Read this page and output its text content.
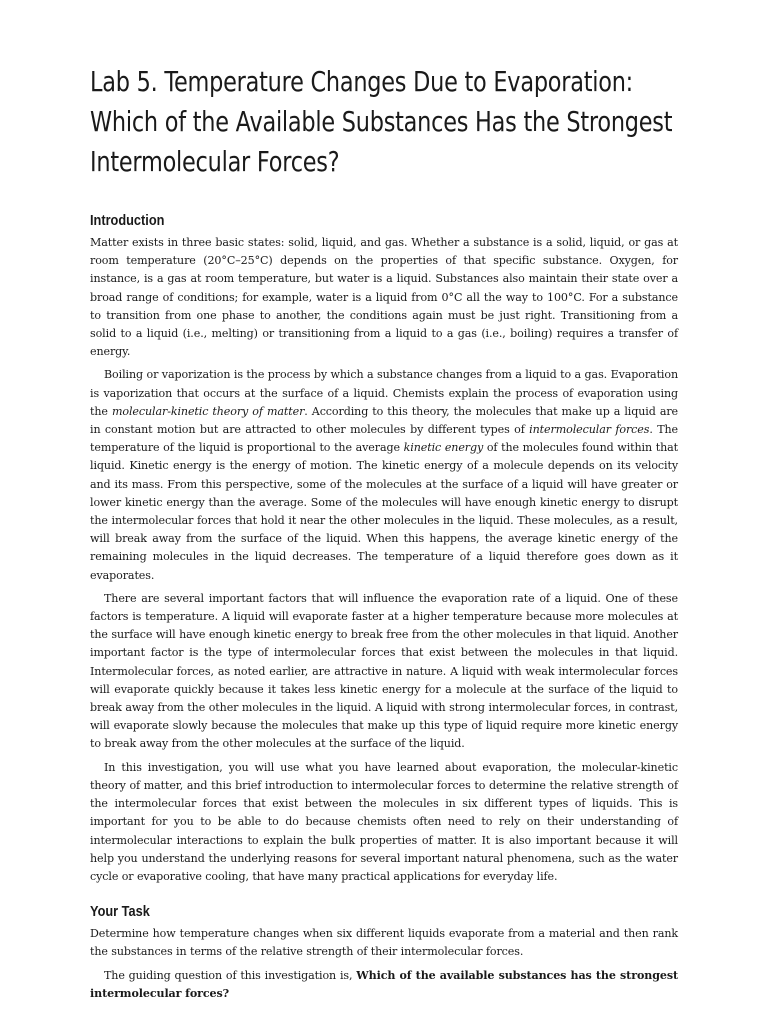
Lab 5. Temperature Changes Due to Evaporation: Which of the Available Substances Has the Strongest Intermolecular Forces?
Introduction

Matter exists in three basic states: solid, liquid, and gas. Whether a substance is a solid, liquid, or gas at room temperature (20°C–25°C) depends on the properties of that specific substance. Oxygen, for instance, is a gas at room temperature, but water is a liquid. Substances also maintain their state over a broad range of conditions; for example, water is a liquid from 0°C all the way to 100°C. For a substance to transition from one phase to another, the conditions again must be just right. Transitioning from a solid to a liquid (i.e., melting) or transitioning from a liquid to a gas (i.e., boiling) requires a transfer of energy.

Boiling or vaporization is the process by which a substance changes from a liquid to a gas. Evaporation is vaporization that occurs at the surface of a liquid. Chemists explain the process of evaporation using the molecular-kinetic theory of matter. According to this theory, the molecules that make up a liquid are in constant motion but are attracted to other molecules by different types of intermolecular forces. The temperature of the liquid is proportional to the average kinetic energy of the molecules found within that liquid. Kinetic energy is the energy of motion. The kinetic energy of a molecule depends on its velocity and its mass. From this perspective, some of the molecules at the surface of a liquid will have greater or lower kinetic energy than the average. Some of the molecules will have enough kinetic energy to disrupt the intermolecular forces that hold it near the other molecules in the liquid. These molecules, as a result, will break away from the surface of the liquid. When this happens, the average kinetic energy of the remaining molecules in the liquid decreases. The temperature of a liquid therefore goes down as it evaporates.

There are several important factors that will influence the evaporation rate of a liquid. One of these factors is temperature. A liquid will evaporate faster at a higher temperature because more molecules at the surface will have enough kinetic energy to break free from the other molecules in that liquid. Another important factor is the type of intermolecular forces that exist between the molecules in that liquid. Intermolecular forces, as noted earlier, are attractive in nature. A liquid with weak intermolecular forces will evaporate quickly because it takes less kinetic energy for a molecule at the surface of the liquid to break away from the other molecules in the liquid. A liquid with strong intermolecular forces, in contrast, will evaporate slowly because the molecules that make up this type of liquid require more kinetic energy to break away from the other molecules at the surface of the liquid.

In this investigation, you will use what you have learned about evaporation, the molecular-kinetic theory of matter, and this brief introduction to intermolecular forces to determine the relative strength of the intermolecular forces that exist between the molecules in six different types of liquids. This is important for you to be able to do because chemists often need to rely on their understanding of intermolecular interactions to explain the bulk properties of matter. It is also important because it will help you understand the underlying reasons for several important natural phenomena, such as the water cycle or evaporative cooling, that have many practical applications for everyday life.

Your Task

Determine how temperature changes when six different liquids evaporate from a material and then rank the substances in terms of the relative strength of their intermolecular forces.

The guiding question of this investigation is, Which of the available substances has the strongest intermolecular forces?
